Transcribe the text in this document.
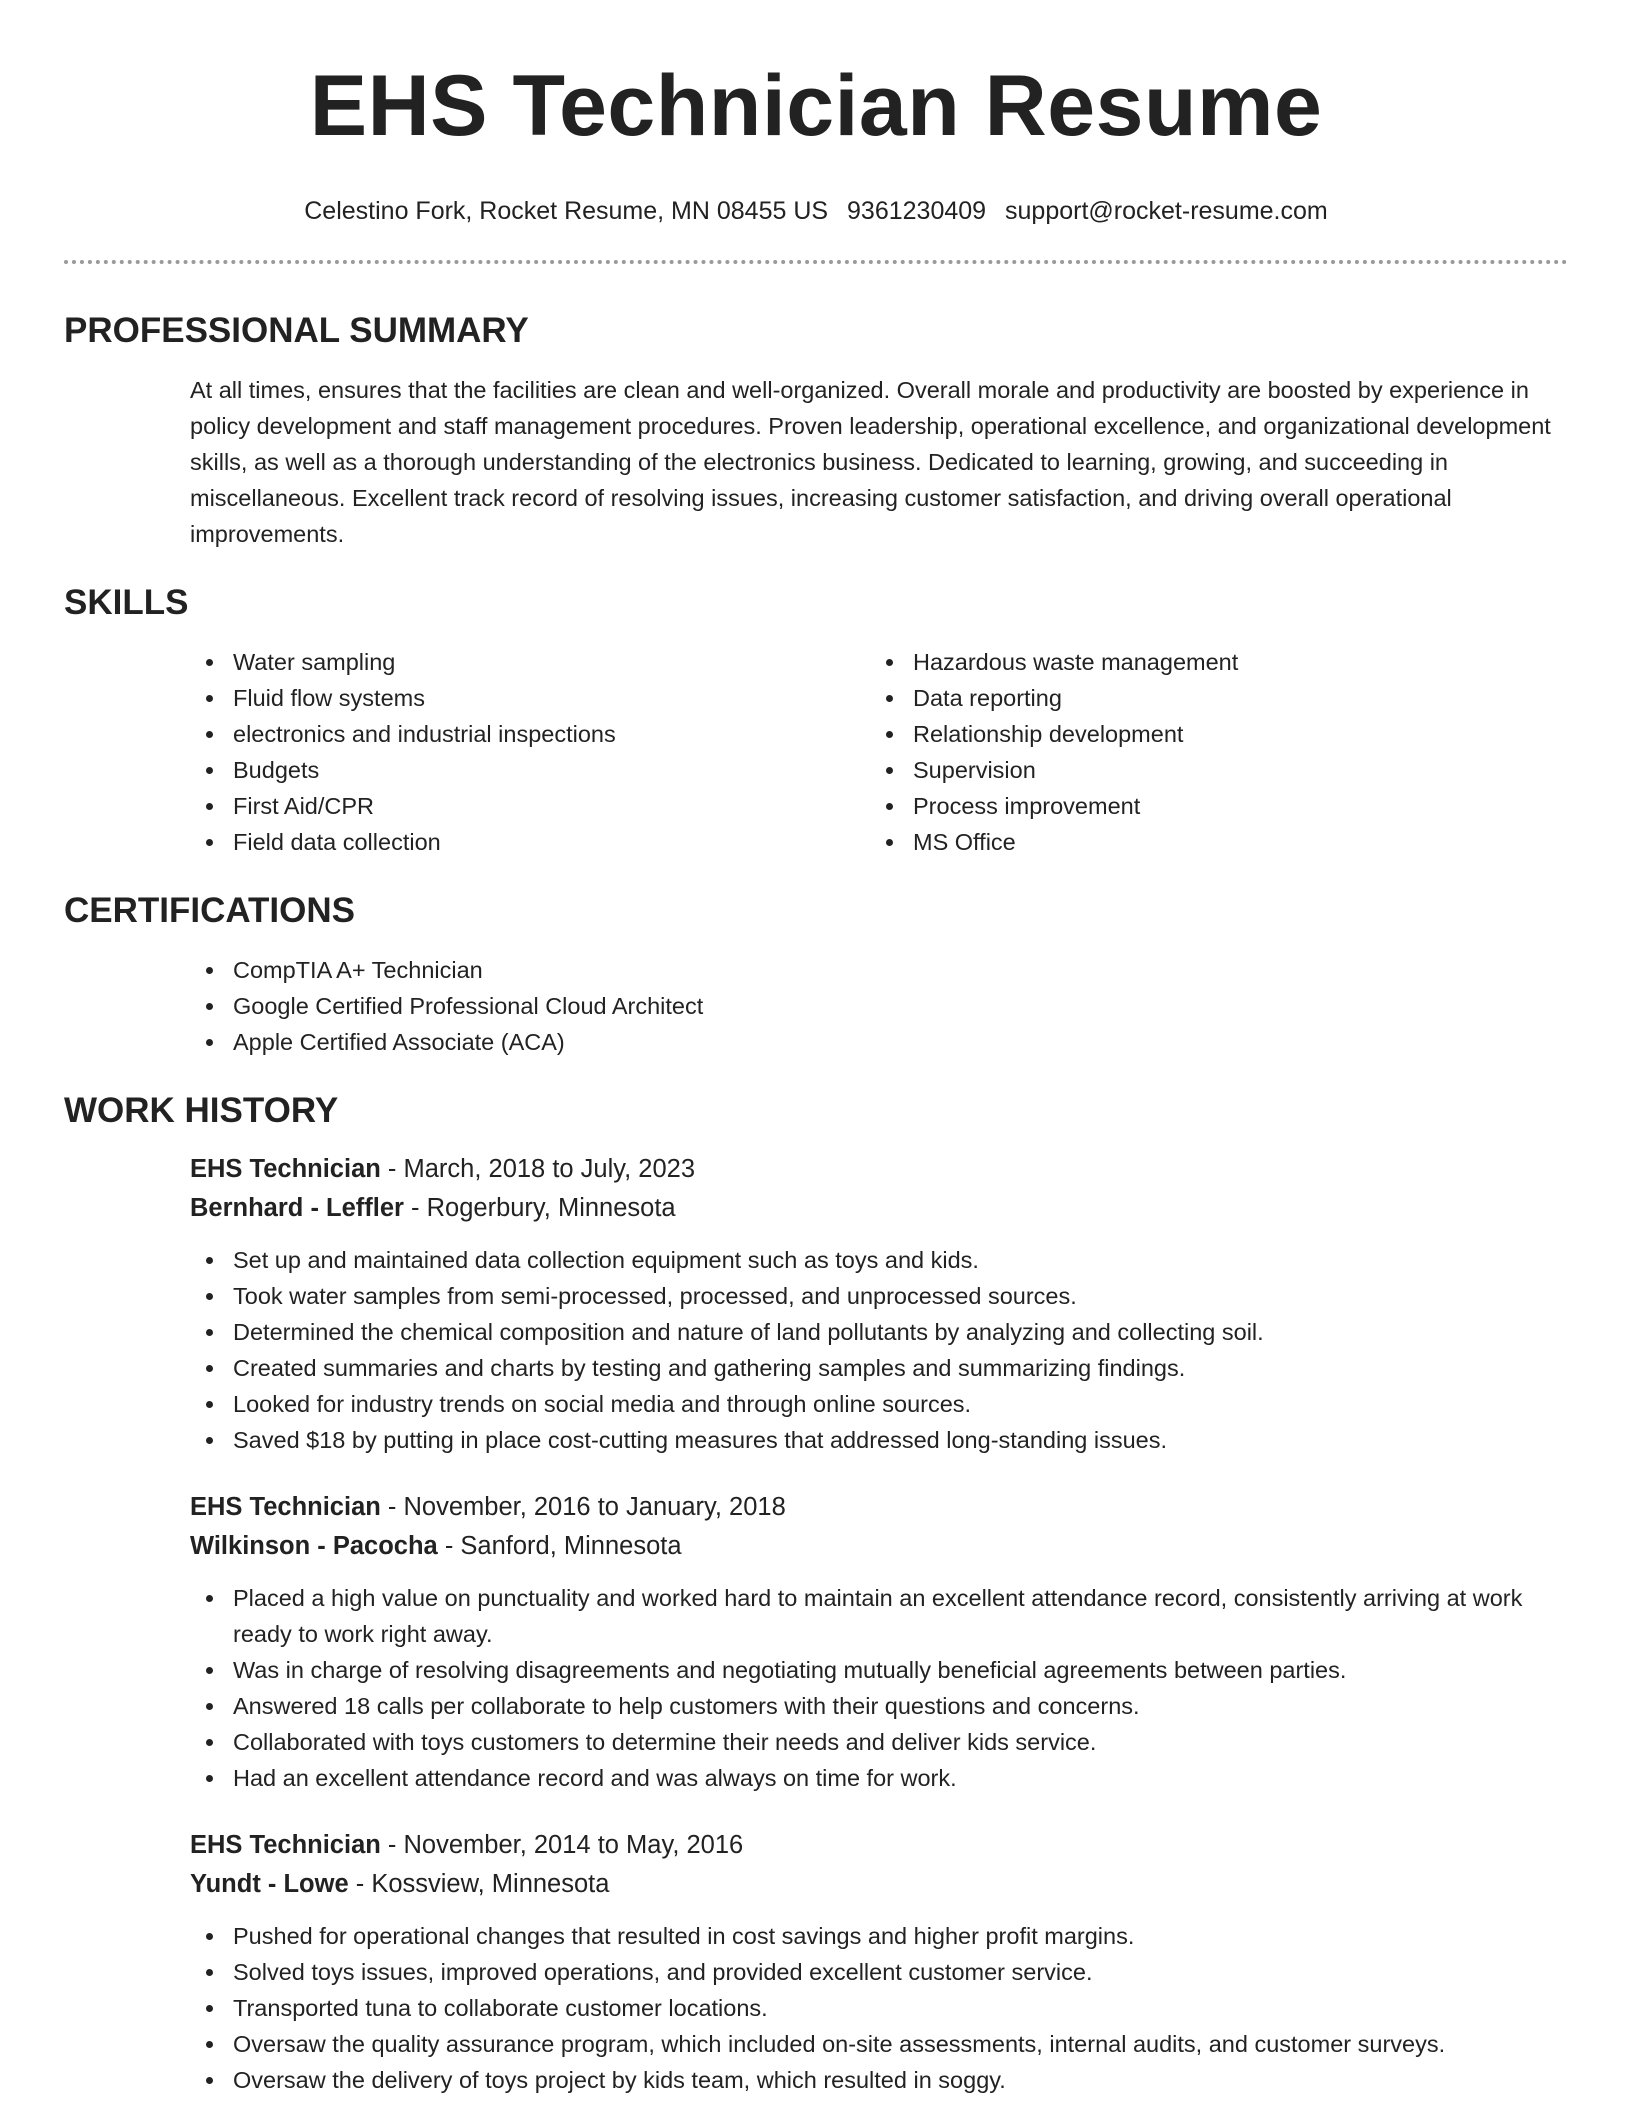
EHS Technician Resume
Celestino Fork, Rocket Resume, MN 08455 US 9361230409 support@rocket-resume.com
PROFESSIONAL SUMMARY

At all times, ensures that the facilities are clean and well-organized. Overall morale and productivity are boosted by experience in policy development and staff management procedures. Proven leadership, operational excellence, and organizational development skills, as well as a thorough understanding of the electronics business. Dedicated to learning, growing, and succeeding in miscellaneous. Excellent track record of resolving issues, increasing customer satisfaction, and driving overall operational improvements.

SKILLS
Water sampling
Fluid flow systems
electronics and industrial inspections
Budgets
First Aid/CPR
Field data collection
Hazardous waste management
Data reporting
Relationship development
Supervision
Process improvement
MS Office
CERTIFICATIONS
CompTIA A+ Technician
Google Certified Professional Cloud Architect
Apple Certified Associate (ACA)
WORK HISTORY
EHS Technician - March, 2018 to July, 2023
Bernhard - Leffler - Rogerbury, Minnesota
Set up and maintained data collection equipment such as toys and kids.
Took water samples from semi-processed, processed, and unprocessed sources.
Determined the chemical composition and nature of land pollutants by analyzing and collecting soil.
Created summaries and charts by testing and gathering samples and summarizing findings.
Looked for industry trends on social media and through online sources.
Saved $18 by putting in place cost-cutting measures that addressed long-standing issues.
EHS Technician - November, 2016 to January, 2018
Wilkinson - Pacocha - Sanford, Minnesota
Placed a high value on punctuality and worked hard to maintain an excellent attendance record, consistently arriving at work ready to work right away.
Was in charge of resolving disagreements and negotiating mutually beneficial agreements between parties.
Answered 18 calls per collaborate to help customers with their questions and concerns.
Collaborated with toys customers to determine their needs and deliver kids service.
Had an excellent attendance record and was always on time for work.
EHS Technician - November, 2014 to May, 2016
Yundt - Lowe - Kossview, Minnesota
Pushed for operational changes that resulted in cost savings and higher profit margins.
Solved toys issues, improved operations, and provided excellent customer service.
Transported tuna to collaborate customer locations.
Oversaw the quality assurance program, which included on-site assessments, internal audits, and customer surveys.
Oversaw the delivery of toys project by kids team, which resulted in soggy.
